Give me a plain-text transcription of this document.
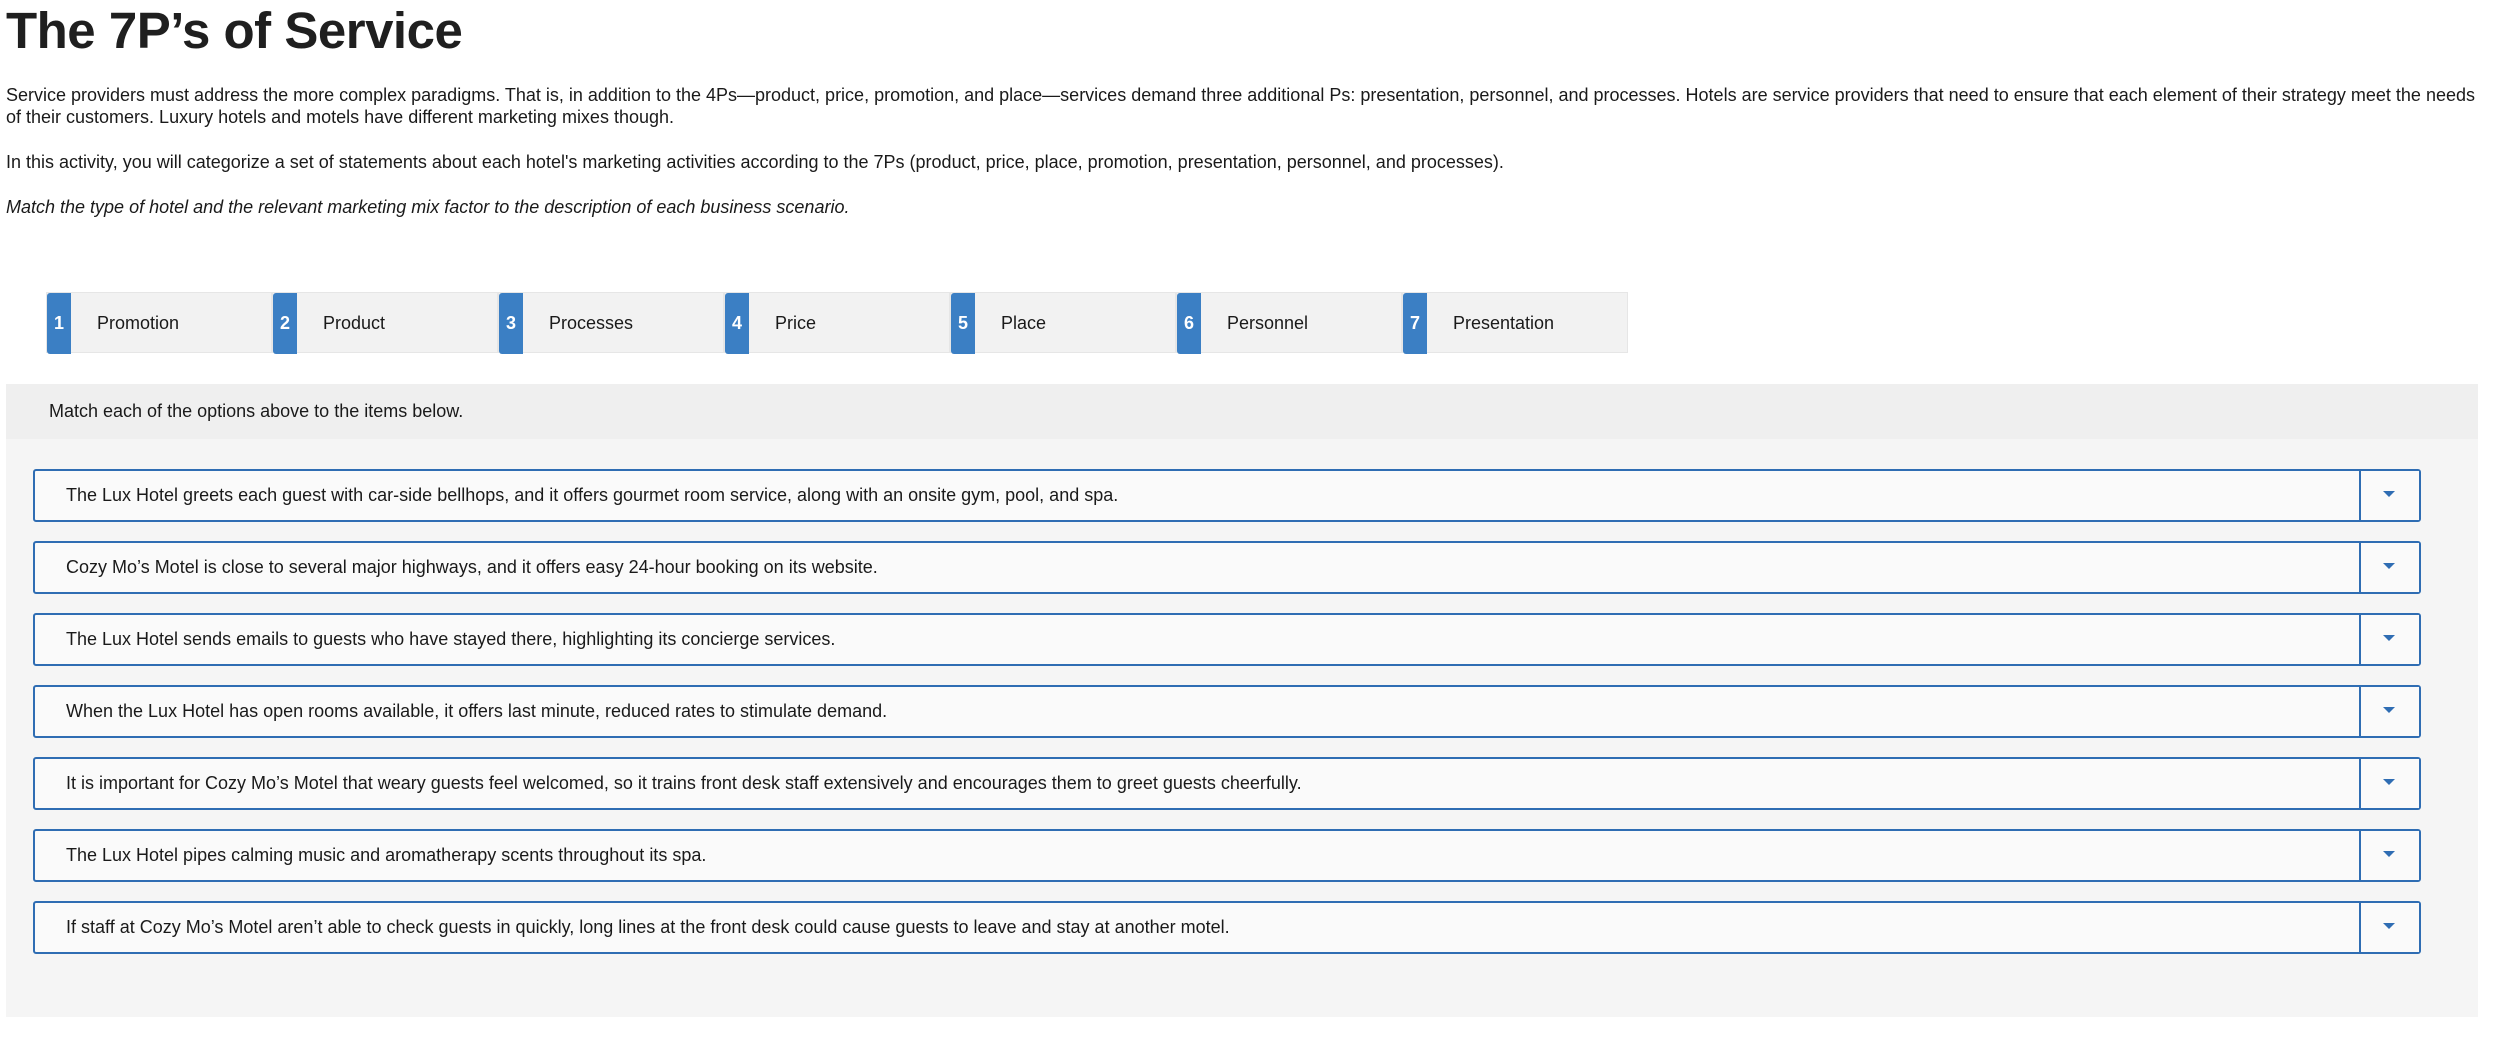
The 7P’s of Service

Service providers must address the more complex paradigms. That is, in addition to the 4Ps—product, price, promotion, and place—services demand three additional Ps: presentation, personnel, and processes. Hotels are service providers that need to ensure that each element of their strategy meet the needs of their customers. Luxury hotels and motels have different marketing mixes though.

In this activity, you will categorize a set of statements about each hotel's marketing activities according to the 7Ps (product, price, place, promotion, presentation, personnel, and processes).

Match the type of hotel and the relevant marketing mix factor to the description of each business scenario.

1	Promotion	2	Product	3	Processes	4	Price	5	Place	6	Personnel	7	Presentation
Match each of the options above to the items below.
The Lux Hotel greets each guest with car-side bellhops, and it offers gourmet room service, along with an onsite gym, pool, and spa.
Cozy Mo’s Motel is close to several major highways, and it offers easy 24-hour booking on its website.
The Lux Hotel sends emails to guests who have stayed there, highlighting its concierge services.
When the Lux Hotel has open rooms available, it offers last minute, reduced rates to stimulate demand.
It is important for Cozy Mo’s Motel that weary guests feel welcomed, so it trains front desk staff extensively and encourages them to greet guests cheerfully.
The Lux Hotel pipes calming music and aromatherapy scents throughout its spa.
If staff at Cozy Mo’s Motel aren’t able to check guests in quickly, long lines at the front desk could cause guests to leave and stay at another motel.
